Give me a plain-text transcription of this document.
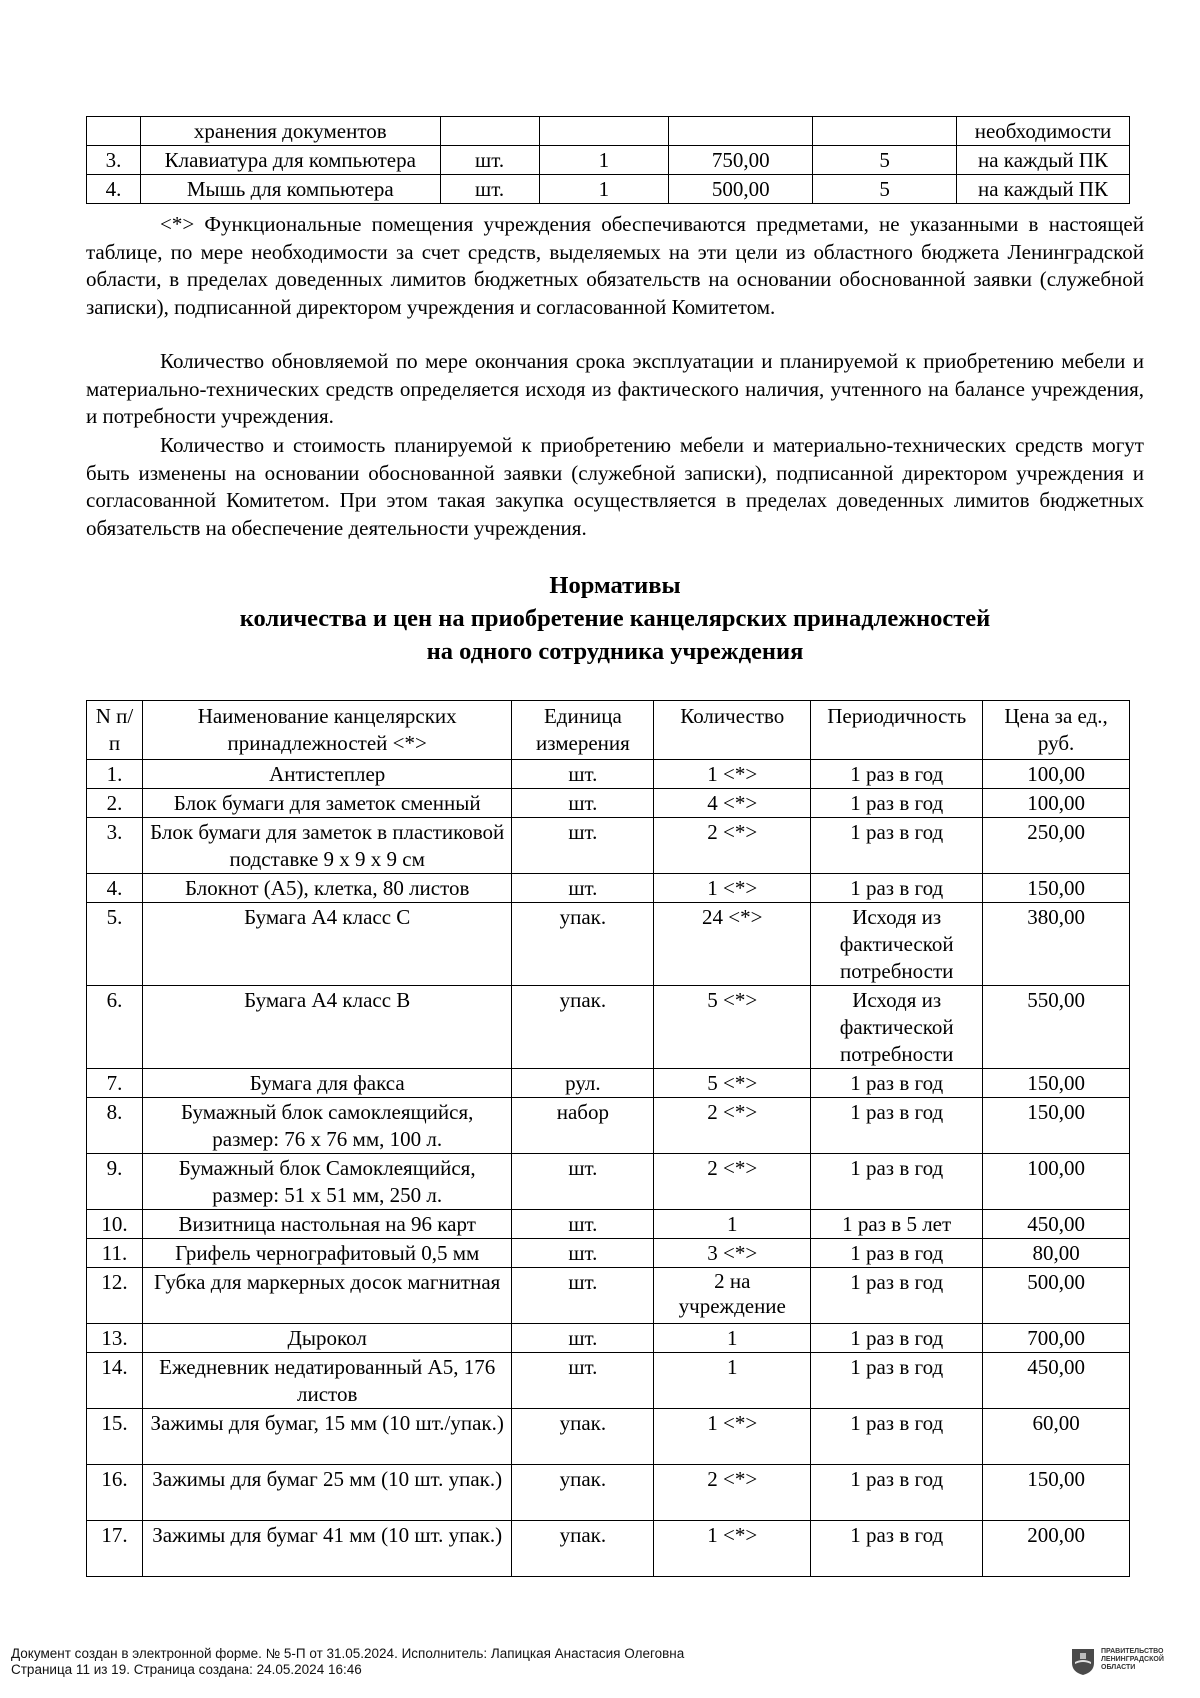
	хранения документов					необходимости
3.	Клавиатура для компьютера	шт.	1	750,00	5	на каждый ПК
4.	Мышь для компьютера	шт.	1	500,00	5	на каждый ПК

<*> Функциональные помещения учреждения обеспечиваются предметами, не указанными в настоящей таблице, по мере необходимости за счет средств, выделяемых на эти цели из областного бюджета Ленинградской области, в пределах доведенных лимитов бюджетных обязательств на основании обоснованной заявки (служебной записки), подписанной директором учреждения и согласованной Комитетом.

Количество обновляемой по мере окончания срока эксплуатации и планируемой к приобретению мебели и материально-технических средств определяется исходя из фактического наличия, учтенного на балансе учреждения, и потребности учреждения.

Количество и стоимость планируемой к приобретению мебели и материально-технических средств могут быть изменены на основании обоснованной заявки (служебной записки), подписанной директором учреждения и согласованной Комитетом. При этом такая закупка осуществляется в пределах доведенных лимитов бюджетных обязательств на обеспечение деятельности учреждения.

Нормативы
количества и цен на приобретение канцелярских принадлежностей
на одного сотрудника учреждения
N п/п	Наименование канцелярских принадлежностей <*>	Единица измерения	Количество	Периодичность	Цена за ед., руб.
1.	Антистеплер	шт.	1 <*>	1 раз в год	100,00
2.	Блок бумаги для заметок сменный	шт.	4 <*>	1 раз в год	100,00
3.	Блок бумаги для заметок в пластиковой подставке 9 x 9 x 9 см	шт.	2 <*>	1 раз в год	250,00
4.	Блокнот (А5), клетка, 80 листов	шт.	1 <*>	1 раз в год	150,00
5.	Бумага А4 класс С	упак.	24 <*>	Исходя из фактической потребности	380,00
6.	Бумага А4 класс В	упак.	5 <*>	Исходя из фактической потребности	550,00
7.	Бумага для факса	рул.	5 <*>	1 раз в год	150,00
8.	Бумажный блок самоклеящийся, размер: 76 x 76 мм, 100 л.	набор	2 <*>	1 раз в год	150,00
9.	Бумажный блок Самоклеящийся, размер: 51 x 51 мм, 250 л.	шт.	2 <*>	1 раз в год	100,00
10.	Визитница настольная на 96 карт	шт.	1	1 раз в 5 лет	450,00
11.	Грифель чернографитовый 0,5 мм	шт.	3 <*>	1 раз в год	80,00
12.	Губка для маркерных досок магнитная	шт.	2 на учреждение	1 раз в год	500,00
13.	Дырокол	шт.	1	1 раз в год	700,00
14.	Ежедневник недатированный А5, 176 листов	шт.	1	1 раз в год	450,00
15.	Зажимы для бумаг, 15 мм (10 шт./упак.)	упак.	1 <*>	1 раз в год	60,00
16.	Зажимы для бумаг 25 мм (10 шт. упак.)	упак.	2 <*>	1 раз в год	150,00
17.	Зажимы для бумаг 41 мм (10 шт. упак.)	упак.	1 <*>	1 раз в год	200,00
Документ создан в электронной форме. № 5-П от 31.05.2024. Исполнитель: Лапицкая Анастасия Олеговна
Страница 11 из 19. Страница создана: 24.05.2024 16:46
ПРАВИТЕЛЬСТВО ЛЕНИНГРАДСКОЙ ОБЛАСТИ
